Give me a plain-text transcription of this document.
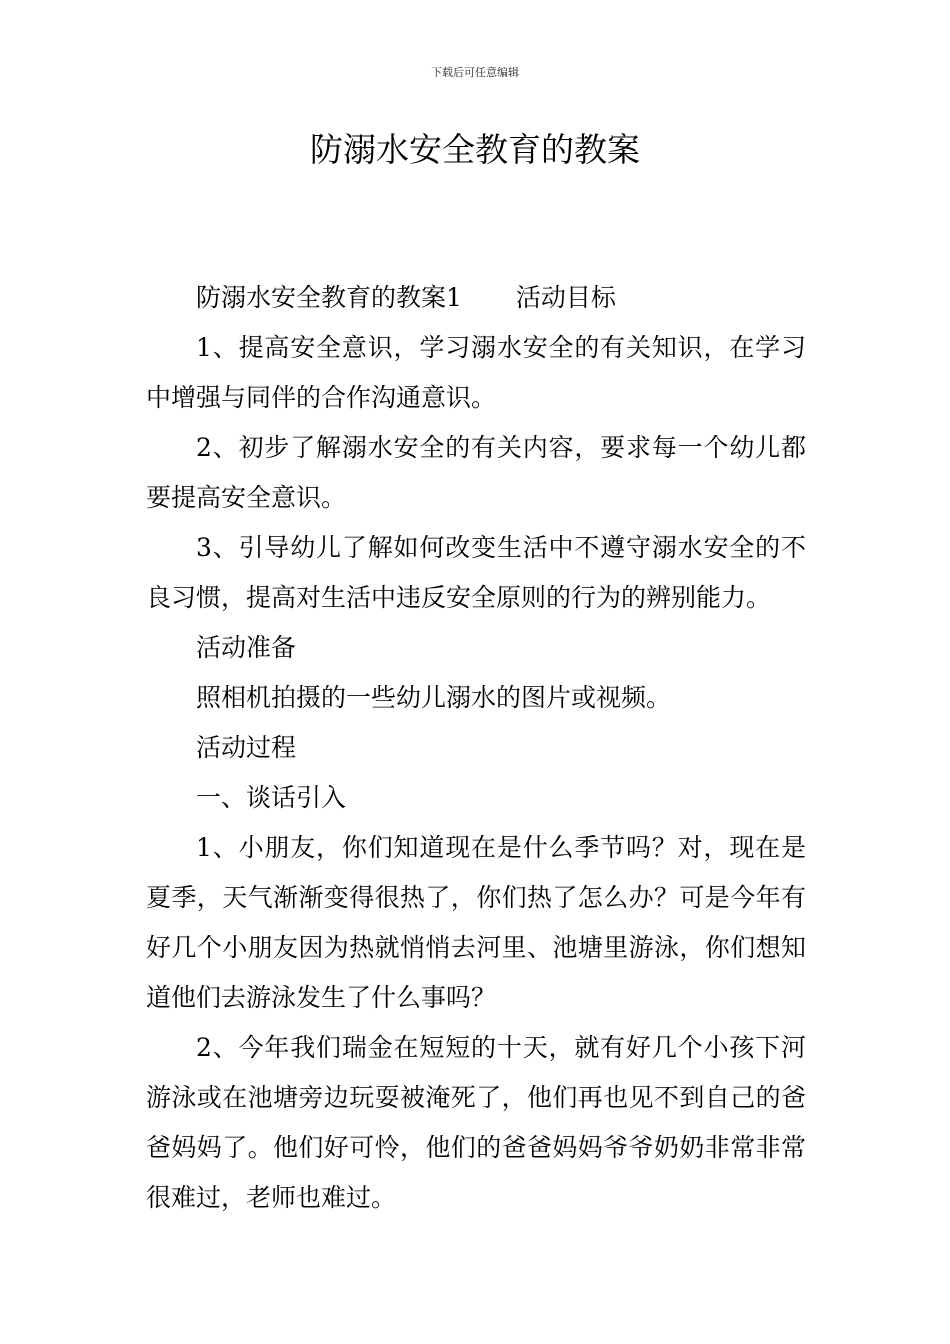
下载后可任意编辑
防溺水安全教育的教案

防溺水安全教育的教案1 活动目标

1、提高安全意识，学习溺水安全的有关知识，在学习中增强与同伴的合作沟通意识。

2、初步了解溺水安全的有关内容，要求每一个幼儿都要提高安全意识。

3、引导幼儿了解如何改变生活中不遵守溺水安全的不良习惯，提高对生活中违反安全原则的行为的辨别能力。

活动准备

照相机拍摄的一些幼儿溺水的图片或视频。

活动过程

一、谈话引入

1、小朋友，你们知道现在是什么季节吗？对，现在是夏季，天气渐渐变得很热了，你们热了怎么办？可是今年有好几个小朋友因为热就悄悄去河里、池塘里游泳，你们想知道他们去游泳发生了什么事吗？

2、今年我们瑞金在短短的十天，就有好几个小孩下河游泳或在池塘旁边玩耍被淹死了，他们再也见不到自己的爸爸妈妈了。他们好可怜，他们的爸爸妈妈爷爷奶奶非常非常很难过，老师也难过。
